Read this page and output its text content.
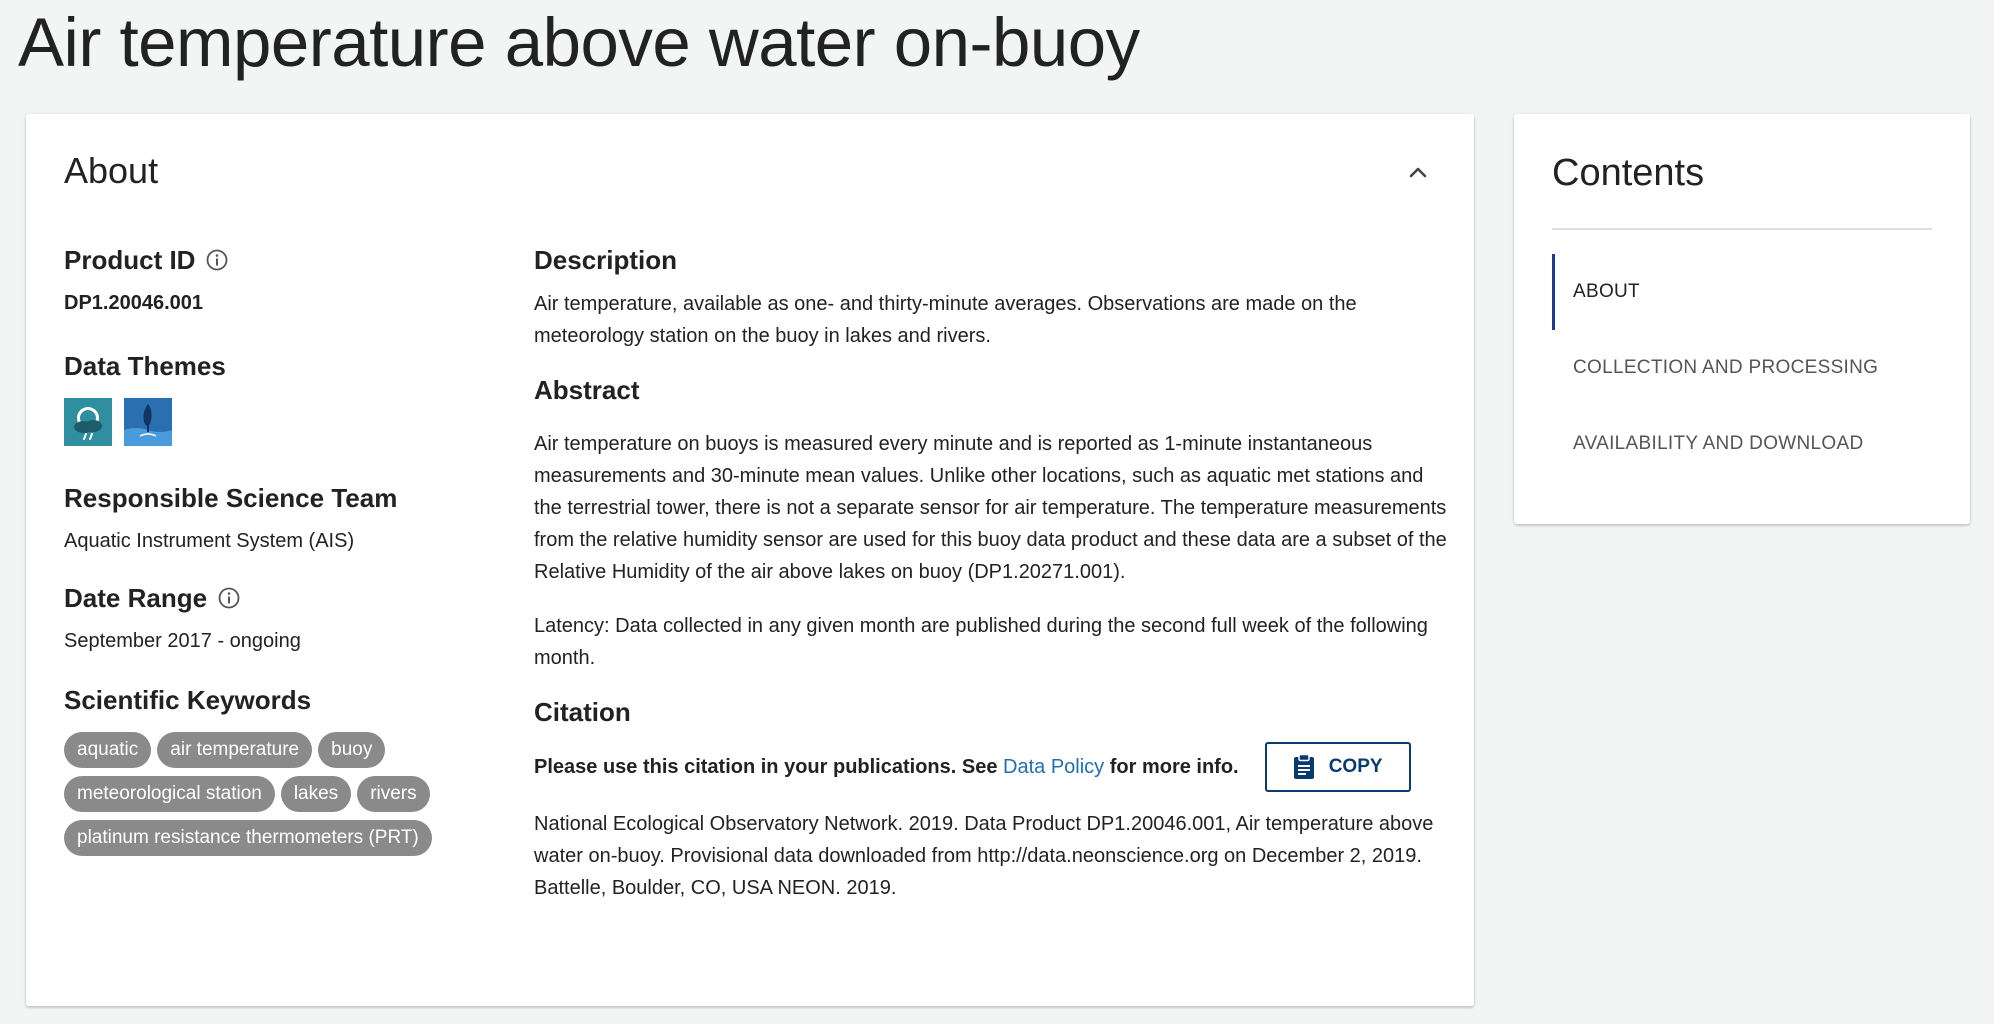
Air temperature above water on-buoy
About
Product ID
DP1.20046.001
Data Themes
Responsible Science Team
Aquatic Instrument System (AIS)
Date Range
September 2017 - ongoing
Scientific Keywords
aquatic	air temperature	buoy
meteorological station	lakes	rivers
platinum resistance thermometers (PRT)
Description

Air temperature, available as one- and thirty-minute averages. Observations are made on the meteorology station on the buoy in lakes and rivers.

Abstract

Air temperature on buoys is measured every minute and is reported as 1-minute instantaneous measurements and 30-minute mean values. Unlike other locations, such as aquatic met stations and the terrestrial tower, there is not a separate sensor for air temperature. The temperature measurements from the relative humidity sensor are used for this buoy data product and these data are a subset of the Relative Humidity of the air above lakes on buoy (DP1.20271.001).

Latency: Data collected in any given month are published during the second full week of the following month.

Citation
Please use this citation in your publications. See Data Policy for more info.	COPY

National Ecological Observatory Network. 2019. Data Product DP1.20046.001, Air temperature above water on-buoy. Provisional data downloaded from http://data.neonscience.org on December 2, 2019. Battelle, Boulder, CO, USA NEON. 2019.

Contents
ABOUT
COLLECTION AND PROCESSING
AVAILABILITY AND DOWNLOAD
